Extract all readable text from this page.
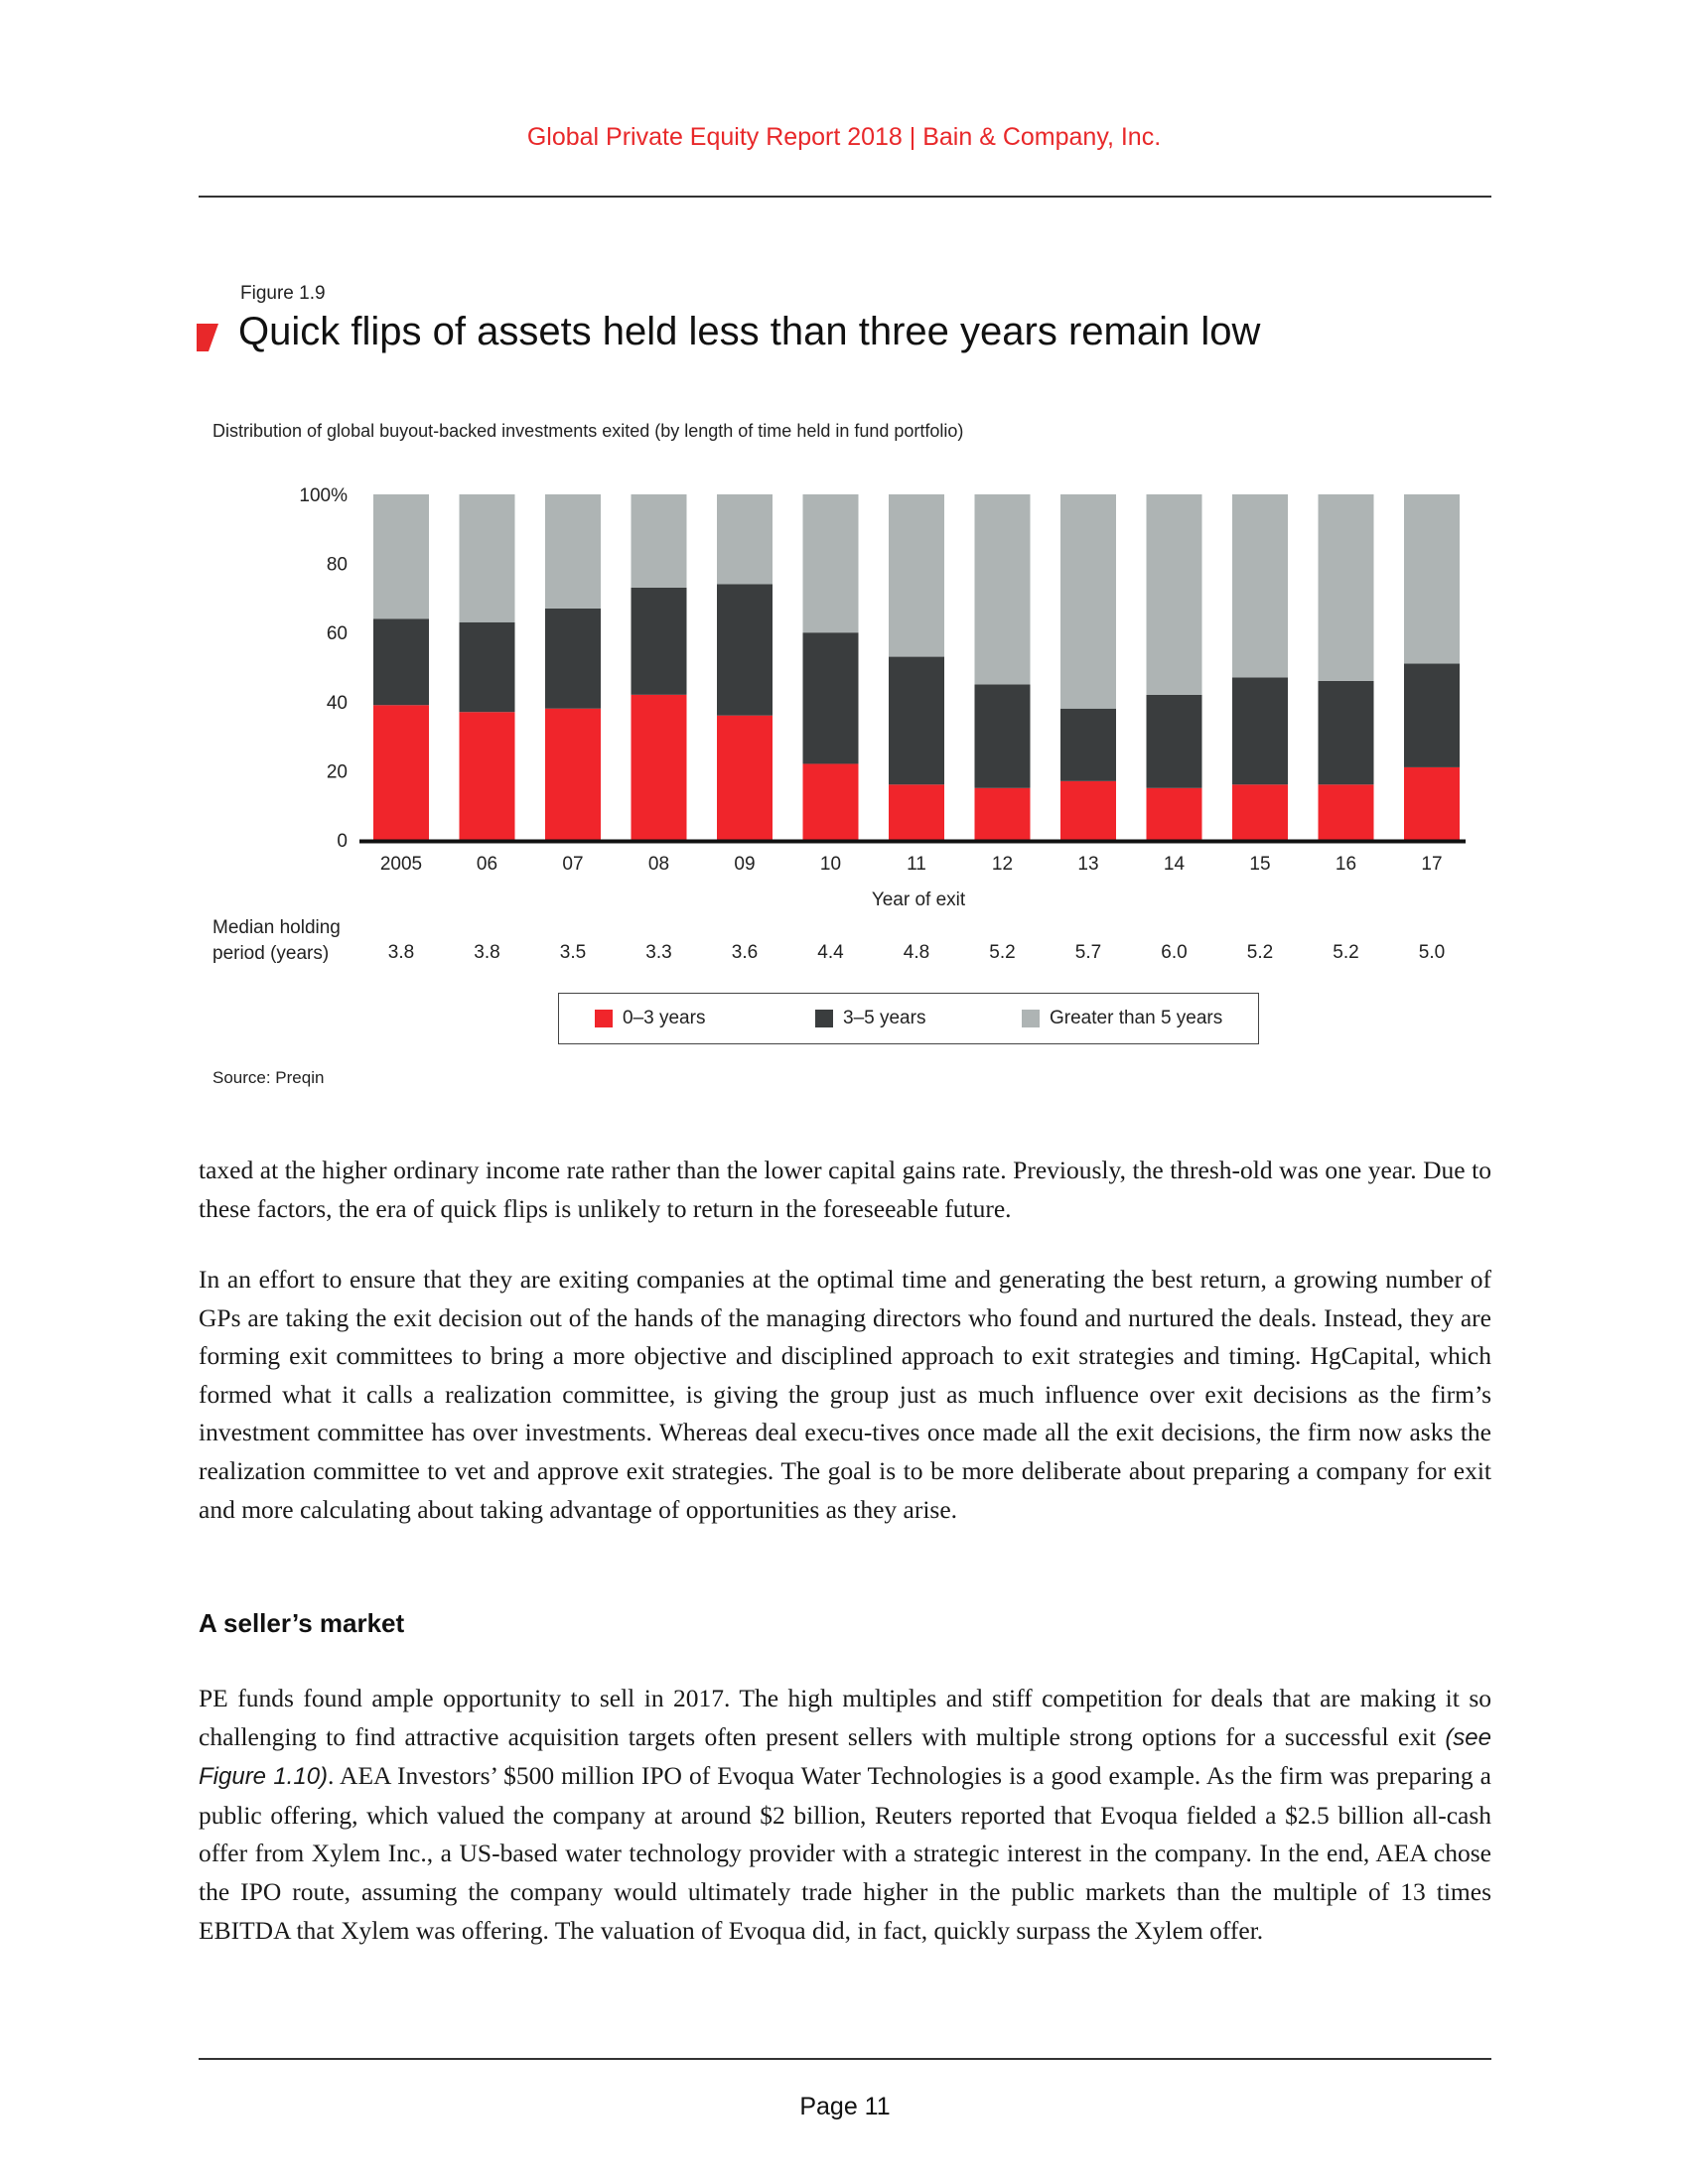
Global Private Equity Report 2018 | Bain & Company, Inc.
Figure 1.9
Quick flips of assets held less than three years remain low
Distribution of global buyout-backed investments exited (by length of time held in fund portfolio)
2005
3.8
06
3.8
07
3.5
08
3.3
09
3.6
10
4.4
11
4.8
12
5.2
13
5.7
14
6.0
15
5.2
16
5.2
17
5.0
0
20
40
60
80
100%
Year of exit
Median holding
period (years)
0–3 years	3–5 years	Greater than 5 years
Source: Preqin

taxed at the higher ordinary income rate rather than the lower capital gains rate. Previously, the thresh-old was one year. Due to these factors, the era of quick flips is unlikely to return in the foreseeable future.

In an effort to ensure that they are exiting companies at the optimal time and generating the best return, a growing number of GPs are taking the exit decision out of the hands of the managing directors who found and nurtured the deals. Instead, they are forming exit committees to bring a more objective and disciplined approach to exit strategies and timing. HgCapital, which formed what it calls a realization committee, is giving the group just as much influence over exit decisions as the firm’s investment committee has over investments. Whereas deal execu-tives once made all the exit decisions, the firm now asks the realization committee to vet and approve exit strategies. The goal is to be more deliberate about preparing a company for exit and more calculating about taking advantage of opportunities as they arise.

A seller’s market

PE funds found ample opportunity to sell in 2017. The high multiples and stiff competition for deals that are making it so challenging to find attractive acquisition targets often present sellers with multiple strong options for a successful exit (see Figure 1.10). AEA Investors’ $500 million IPO of Evoqua Water Technologies is a good example. As the firm was preparing a public offering, which valued the company at around $2 billion, Reuters reported that Evoqua fielded a $2.5 billion all-cash offer from Xylem Inc., a US-based water technology provider with a strategic interest in the company. In the end, AEA chose the IPO route, assuming the company would ultimately trade higher in the public markets than the multiple of 13 times EBITDA that Xylem was offering. The valuation of Evoqua did, in fact, quickly surpass the Xylem offer.

Page 11
